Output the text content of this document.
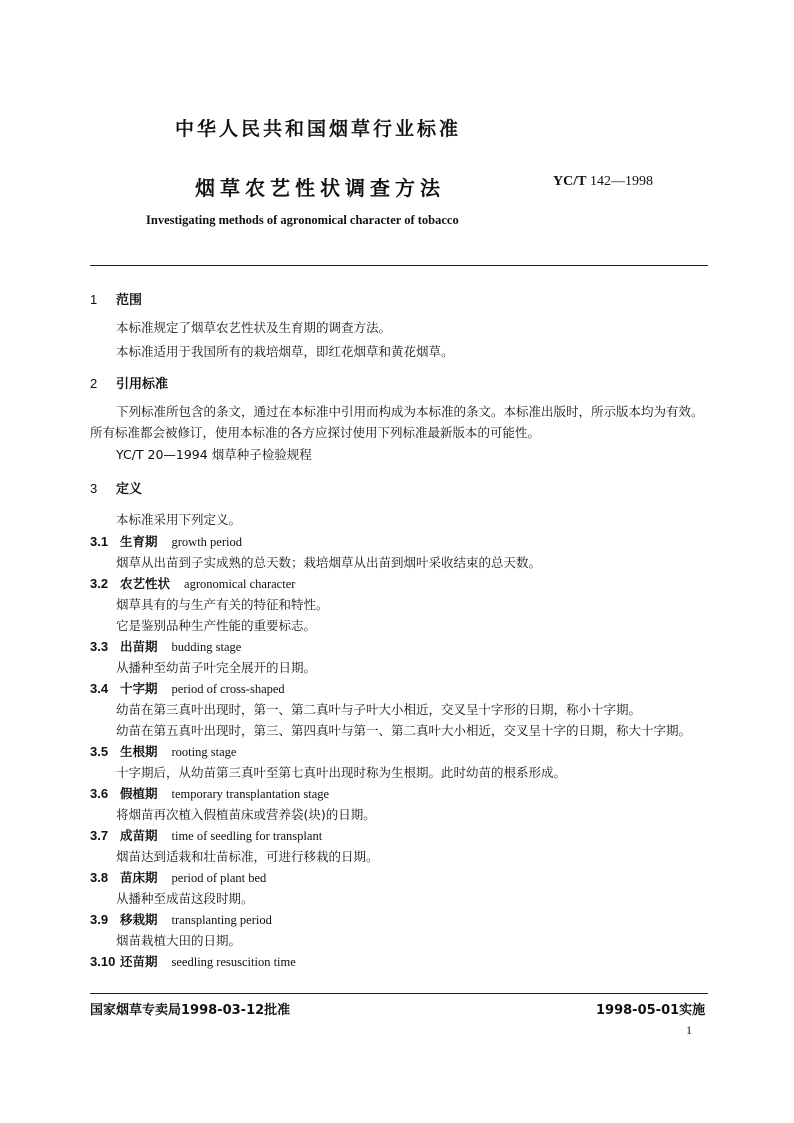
中华人民共和国烟草行业标准
烟草农艺性状调查方法	YC/T 142—1998
Investigating methods of agronomical character of tobacco
1 范围
本标准规定了烟草农艺性状及生育期的调查方法。
本标准适用于我国所有的栽培烟草，即红花烟草和黄花烟草。
2 引用标准
下列标准所包含的条文，通过在本标准中引用而构成为本标准的条文。本标准出版时，所示版本均为有效。所有标准都会被修订，使用本标准的各方应探讨使用下列标准最新版本的可能性。
YC/T 20—1994 烟草种子检验规程
3 定义
本标准采用下列定义。
3.1 生育期 growth period
烟草从出苗到子实成熟的总天数；栽培烟草从出苗到烟叶采收结束的总天数。
3.2 农艺性状 agronomical character
烟草具有的与生产有关的特征和特性。
它是鉴别品种生产性能的重要标志。
3.3 出苗期 budding stage
从播种至幼苗子叶完全展开的日期。
3.4 十字期 period of cross-shaped
幼苗在第三真叶出现时，第一、第二真叶与子叶大小相近，交叉呈十字形的日期，称小十字期。
幼苗在第五真叶出现时，第三、第四真叶与第一、第二真叶大小相近，交叉呈十字的日期，称大十字期。
3.5 生根期 rooting stage
十字期后，从幼苗第三真叶至第七真叶出现时称为生根期。此时幼苗的根系形成。
3.6 假植期 temporary transplantation stage
将烟苗再次植入假植苗床或营养袋(块)的日期。
3.7 成苗期 time of seedling for transplant
烟苗达到适栽和壮苗标准，可进行移栽的日期。
3.8 苗床期 period of plant bed
从播种至成苗这段时期。
3.9 移栽期 transplanting period
烟苗栽植大田的日期。
3.10 还苗期 seedling resuscition time
国家烟草专卖局1998-03-12批准	1998-05-01实施
1
